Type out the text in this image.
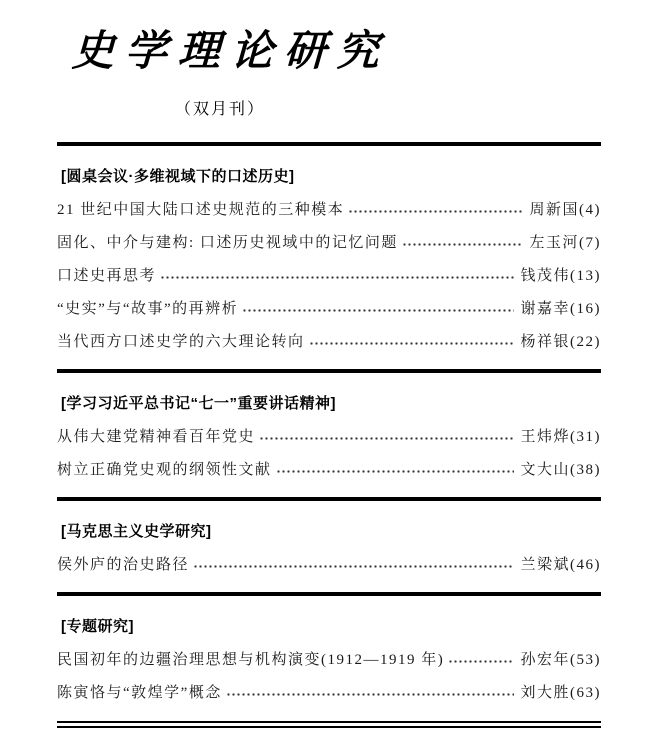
史学理论研究
（双月刊）
[圆桌会议·多维视域下的口述历史]
21 世纪中国大陆口述史规范的三种模本	周新国(4)
固化、中介与建构: 口述历史视域中的记忆问题	左玉河(7)
口述史再思考	钱茂伟(13)
“史实”与“故事”的再辨析	谢嘉幸(16)
当代西方口述史学的六大理论转向	杨祥银(22)
[学习习近平总书记“七一”重要讲话精神]
从伟大建党精神看百年党史	王炜烨(31)
树立正确党史观的纲领性文献	文大山(38)
[马克思主义史学研究]
侯外庐的治史路径	兰梁斌(46)
[专题研究]
民国初年的边疆治理思想与机构演变(1912—1919 年)	孙宏年(53)
陈寅恪与“敦煌学”概念	刘大胜(63)
